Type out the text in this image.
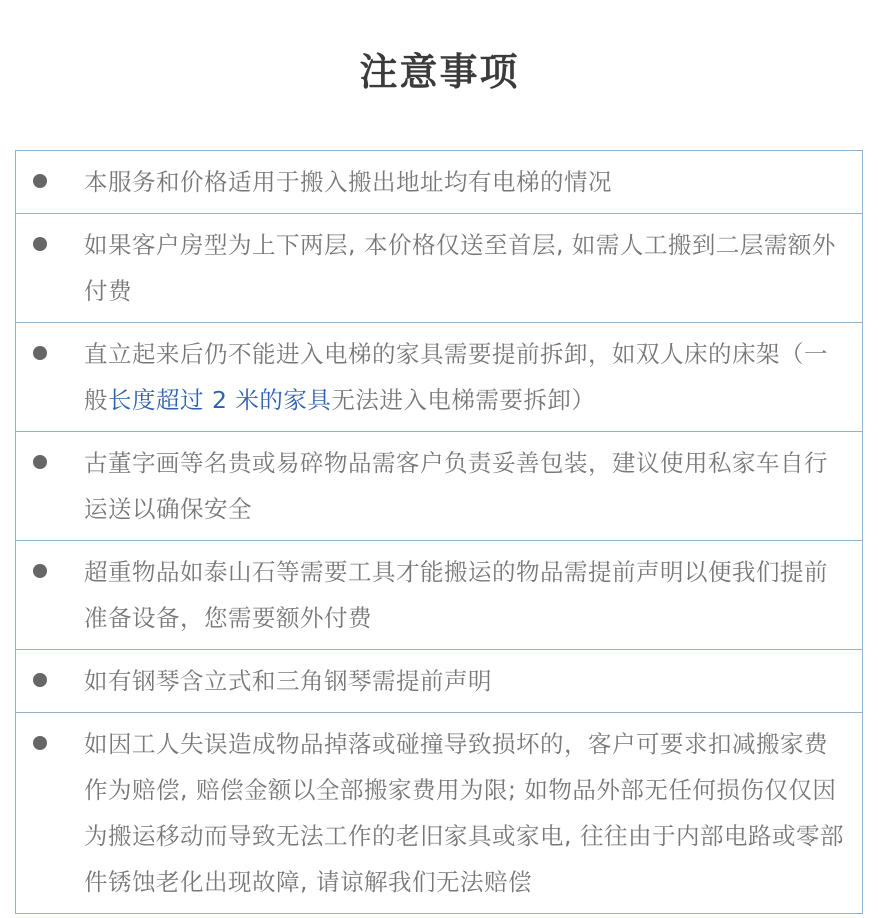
注意事项
本服务和价格适用于搬入搬出地址均有电梯的情况
如果客户房型为上下两层, 本价格仅送至首层, 如需人工搬到二层需额外付费
直立起来后仍不能进入电梯的家具需要提前拆卸，如双人床的床架（一般长度超过 2 米的家具无法进入电梯需要拆卸）
古董字画等名贵或易碎物品需客户负责妥善包装，建议使用私家车自行运送以确保安全
超重物品如泰山石等需要工具才能搬运的物品需提前声明以便我们提前准备设备，您需要额外付费
如有钢琴含立式和三角钢琴需提前声明
如因工人失误造成物品掉落或碰撞导致损坏的，客户可要求扣减搬家费作为赔偿, 赔偿金额以全部搬家费用为限; 如物品外部无任何损伤仅仅因为搬运移动而导致无法工作的老旧家具或家电, 往往由于内部电路或零部件锈蚀老化出现故障, 请谅解我们无法赔偿
